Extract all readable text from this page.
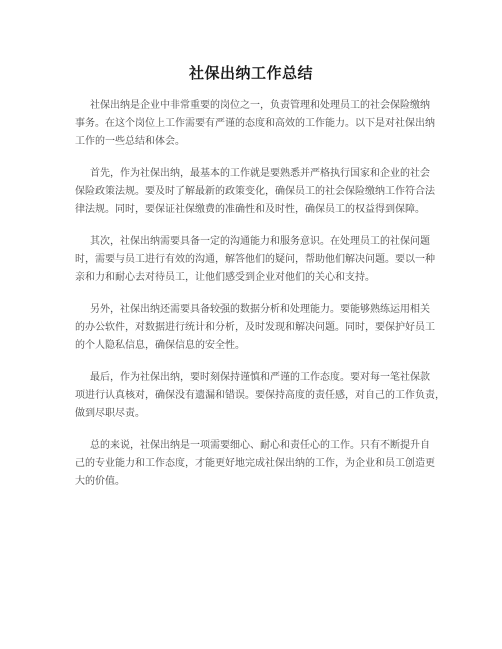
社保出纳工作总结

社保出纳是企业中非常重要的岗位之一，负责管理和处理员工的社会保险缴纳
事务。在这个岗位上工作需要有严谨的态度和高效的工作能力。以下是对社保出纳
工作的一些总结和体会。

首先，作为社保出纳，最基本的工作就是要熟悉并严格执行国家和企业的社会
保险政策法规。要及时了解最新的政策变化，确保员工的社会保险缴纳工作符合法
律法规。同时，要保证社保缴费的准确性和及时性，确保员工的权益得到保障。

其次，社保出纳需要具备一定的沟通能力和服务意识。在处理员工的社保问题
时，需要与员工进行有效的沟通，解答他们的疑问，帮助他们解决问题。要以一种
亲和力和耐心去对待员工，让他们感受到企业对他们的关心和支持。

另外，社保出纳还需要具备较强的数据分析和处理能力。要能够熟练运用相关
的办公软件，对数据进行统计和分析，及时发现和解决问题。同时，要保护好员工
的个人隐私信息，确保信息的安全性。

最后，作为社保出纳，要时刻保持谨慎和严谨的工作态度。要对每一笔社保款
项进行认真核对，确保没有遗漏和错误。要保持高度的责任感，对自己的工作负责，
做到尽职尽责。

总的来说，社保出纳是一项需要细心、耐心和责任心的工作。只有不断提升自
己的专业能力和工作态度，才能更好地完成社保出纳的工作，为企业和员工创造更
大的价值。
